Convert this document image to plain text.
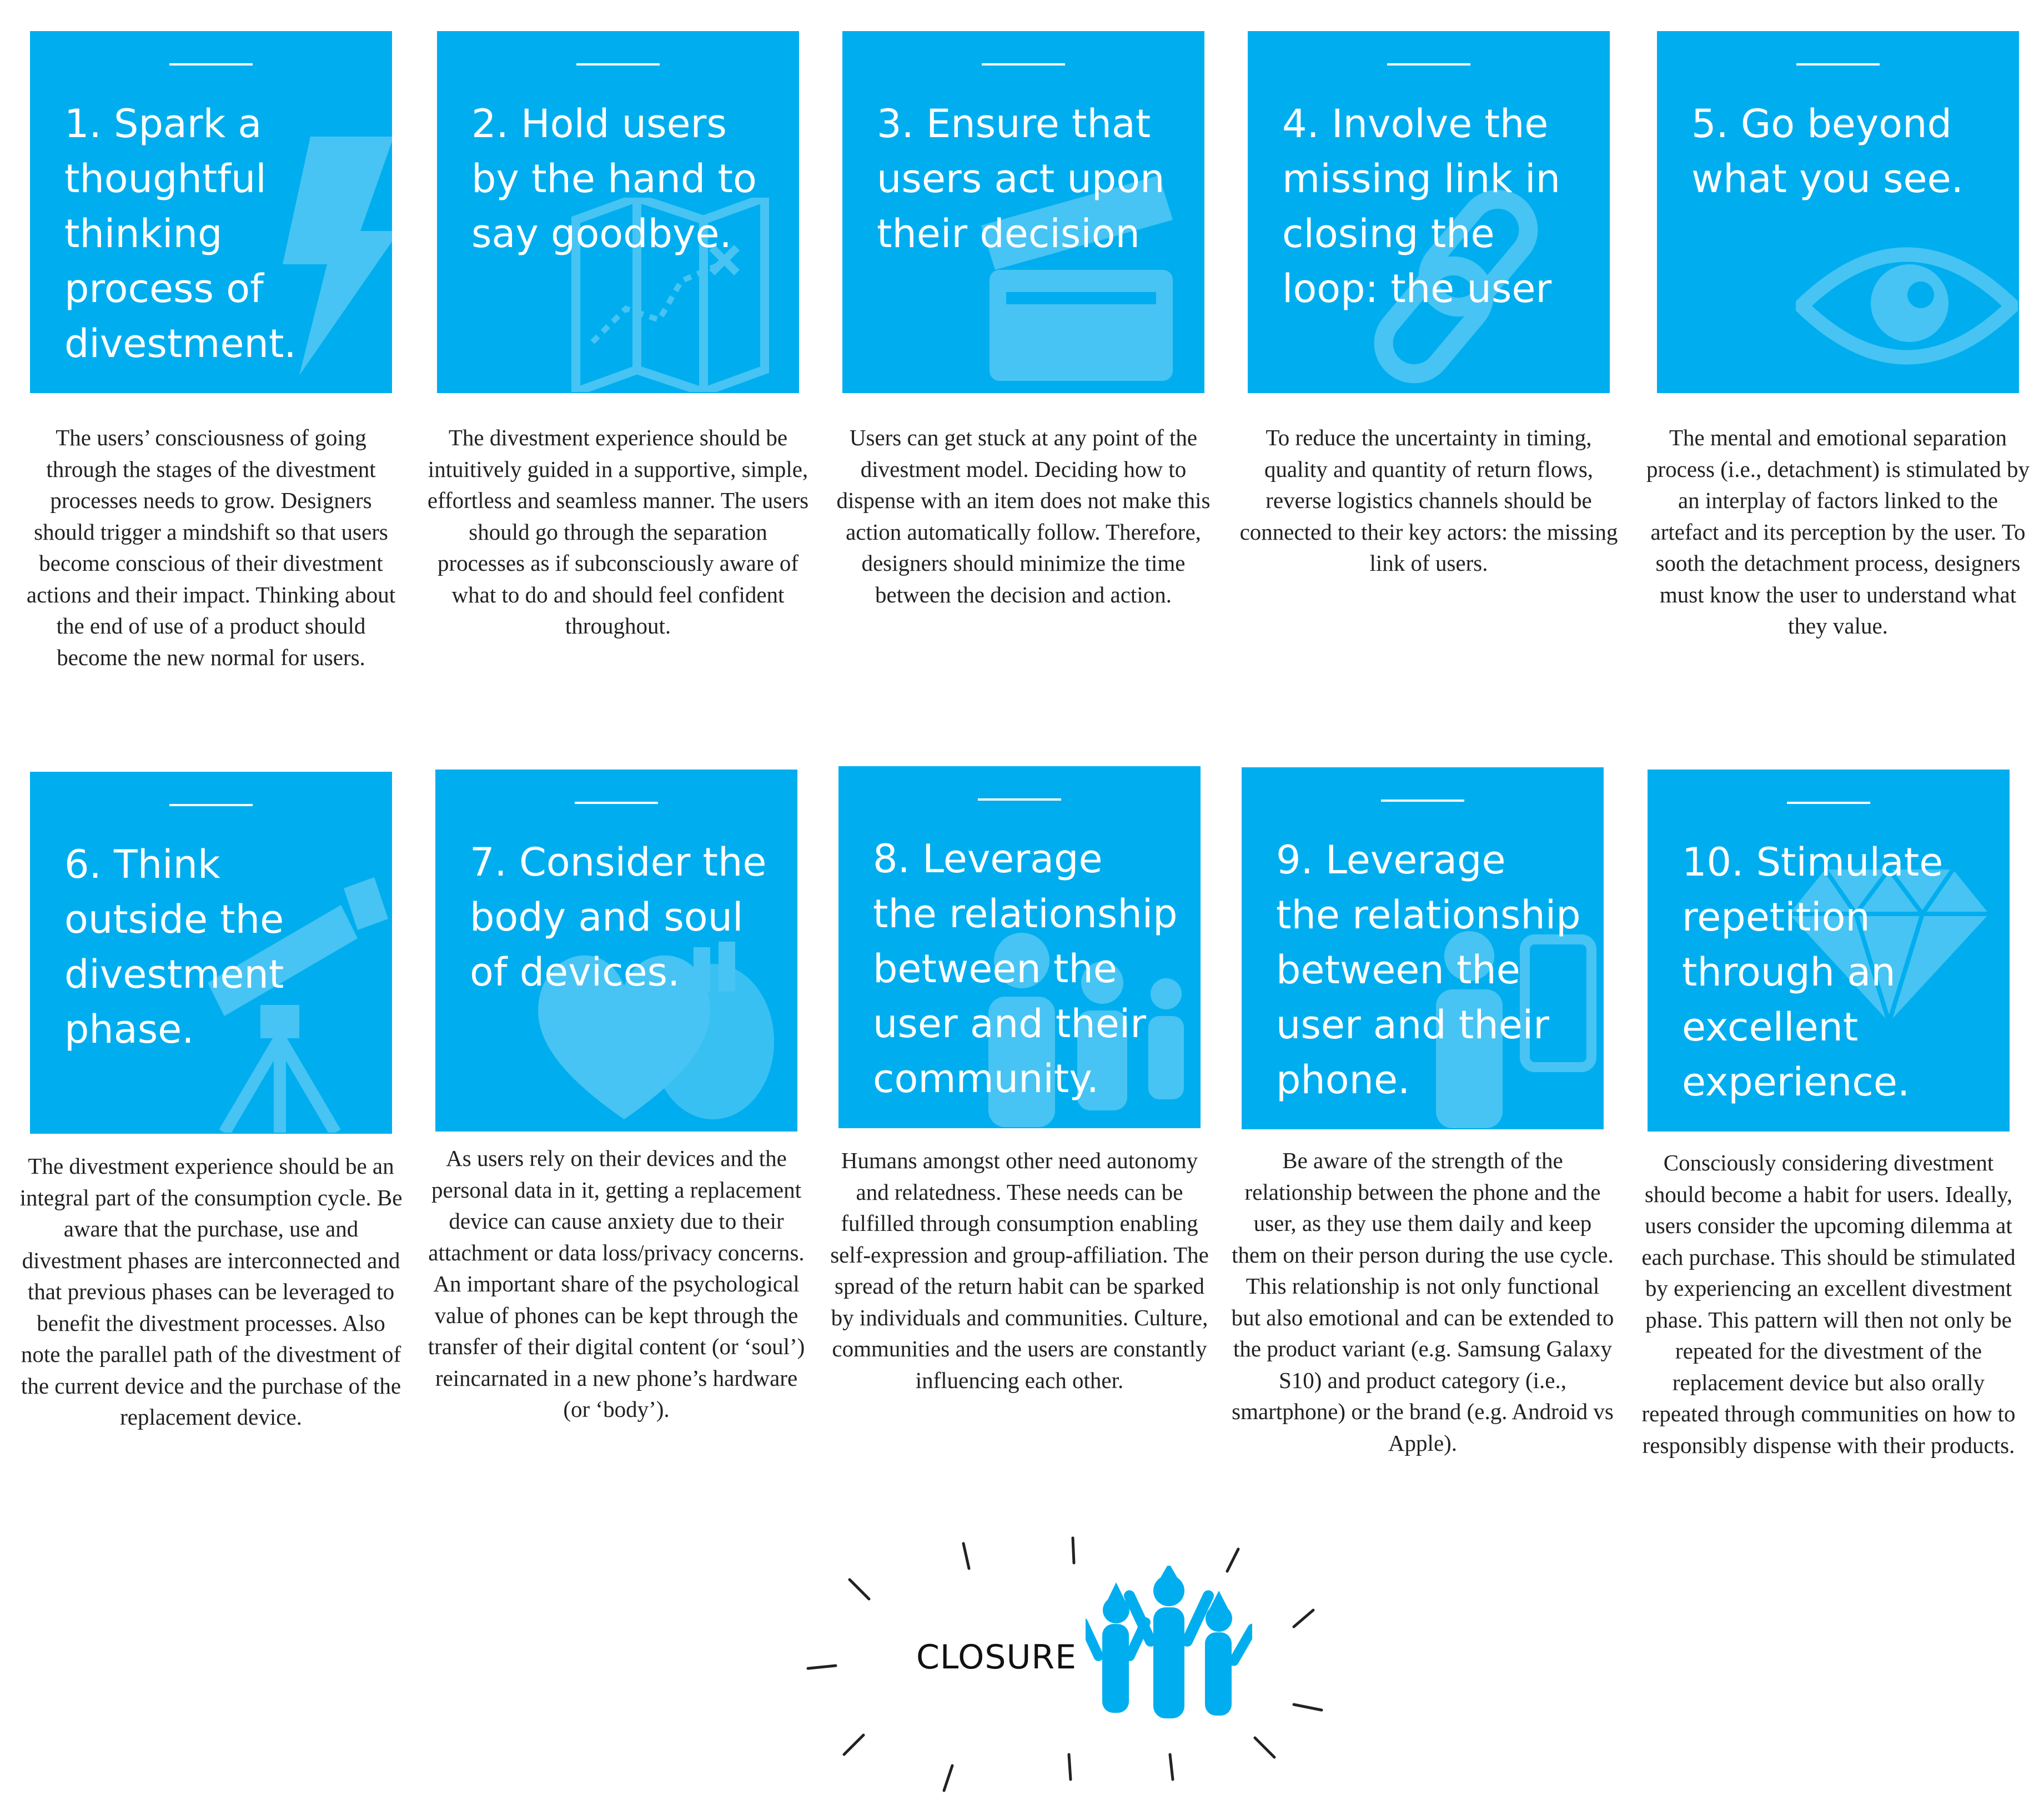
1. Spark a thoughtful thinking process of divestment.
2. Hold users by the hand to say goodbye.
3. Ensure that users act upon their decision
4. Involve the missing link in closing the loop: the user
5. Go beyond what you see.

The users’ consciousness of going through the stages of the divestment processes needs to grow. Designers should trigger a mindshift so that users become conscious of their divestment actions and their impact. Thinking about the end of use of a product should become the new normal for users.

The divestment experience should be intuitively guided in a supportive, simple, effortless and seamless manner. The users should go through the separation processes as if subconsciously aware of what to do and should feel confident throughout.

Users can get stuck at any point of the divestment model. Deciding how to dispense with an item does not make this action automatically follow. Therefore, designers should minimize the time between the decision and action.

To reduce the uncertainty in timing, quality and quantity of return flows, reverse logistics channels should be connected to their key actors: the missing link of users.

The mental and emotional separation process (i.e., detachment) is stimulated by an interplay of factors linked to the artefact and its perception by the user. To sooth the detachment process, designers must know the user to understand what they value.

6. Think outside the divestment phase.
7. Consider the body and soul of devices.
8. Leverage the relationship between the user and their community.
9. Leverage the relationship between the user and their phone.
10. Stimulate repetition through an excellent experience.

The divestment experience should be an integral part of the consumption cycle. Be aware that the purchase, use and divestment phases are interconnected and that previous phases can be leveraged to benefit the divestment processes. Also note the parallel path of the divestment of the current device and the purchase of the replacement device.

As users rely on their devices and the personal data in it, getting a replacement device can cause anxiety due to their attachment or data loss/privacy concerns. An important share of the psychological value of phones can be kept through the transfer of their digital content (or ‘soul’) reincarnated in a new phone’s hardware (or ‘body’).

Humans amongst other need autonomy and relatedness. These needs can be fulfilled through consumption enabling self-expression and group-affiliation. The spread of the return habit can be sparked by individuals and communities. Culture, communities and the users are constantly influencing each other.

Be aware of the strength of the relationship between the phone and the user, as they use them daily and keep them on their person during the use cycle. This relationship is not only functional but also emotional and can be extended to the product variant (e.g. Samsung Galaxy S10) and product category (i.e., smartphone) or the brand (e.g. Android vs Apple).

Consciously considering divestment should become a habit for users. Ideally, users consider the upcoming dilemma at each purchase. This should be stimulated by experiencing an excellent divestment phase. This pattern will then not only be repeated for the divestment of the replacement device but also orally repeated through communities on how to responsibly dispense with their products.

CLOSURE
